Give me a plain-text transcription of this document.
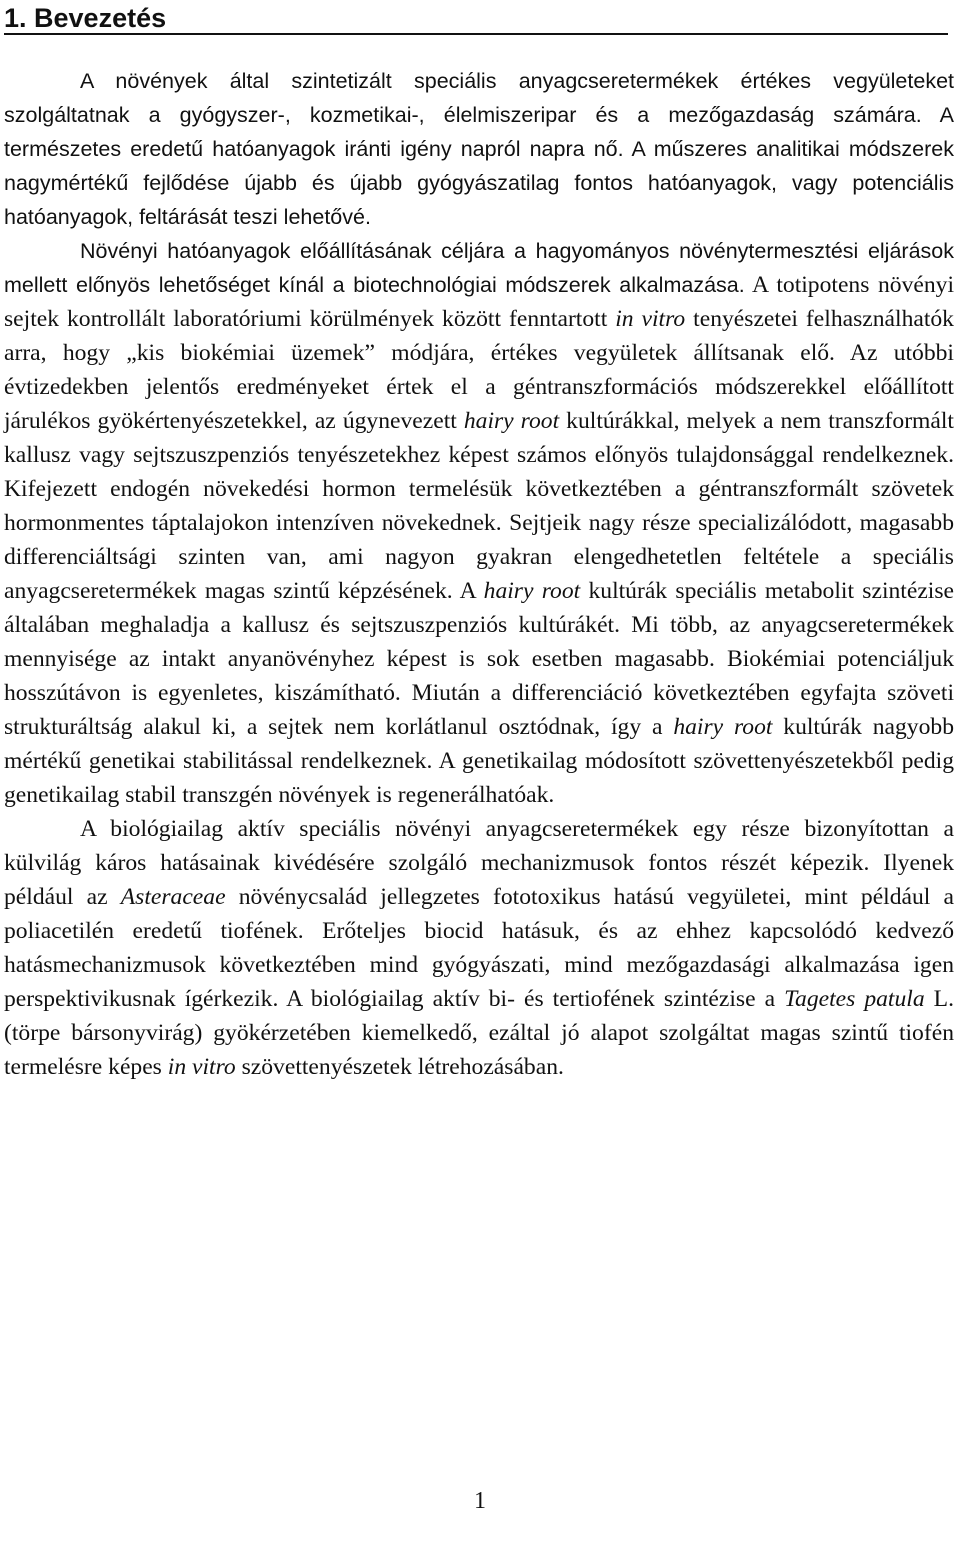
1. Bevezetés

A növények által szintetizált speciális anyagcseretermékek értékes vegyületeket szolgáltatnak a gyógyszer-, kozmetikai-, élelmiszeripar és a mezőgazdaság számára. A természetes eredetű hatóanyagok iránti igény napról napra nő. A műszeres analitikai módszerek nagymértékű fejlődése újabb és újabb gyógyászatilag fontos hatóanyagok, vagy potenciális hatóanyagok, feltárását teszi lehetővé.

Növényi hatóanyagok előállításának céljára a hagyományos növénytermesztési eljárások mellett előnyös lehetőséget kínál a biotechnológiai módszerek alkalmazása. A totipotens növényi sejtek kontrollált laboratóriumi körülmények között fenntartott in vitro tenyészetei felhasználhatók arra, hogy „kis biokémiai üzemek” módjára, értékes vegyületek állítsanak elő. Az utóbbi évtizedekben jelentős eredményeket értek el a géntranszformációs módszerekkel előállított járulékos gyökértenyészetekkel, az úgynevezett hairy root kultúrákkal, melyek a nem transzformált kallusz vagy sejtszuszpenziós tenyészetekhez képest számos előnyös tulajdonsággal rendelkeznek. Kifejezett endogén növekedési hormon termelésük következtében a géntranszformált szövetek hormonmentes táptalajokon intenzíven növekednek. Sejtjeik nagy része specializálódott, magasabb differenciáltsági szinten van, ami nagyon gyakran elengedhetetlen feltétele a speciális anyagcseretermékek magas szintű képzésének. A hairy root kultúrák speciális metabolit szintézise általában meghaladja a kallusz és sejtszuszpenziós kultúrákét. Mi több, az anyagcseretermékek mennyisége az intakt anyanövényhez képest is sok esetben magasabb. Biokémiai potenciáljuk hosszútávon is egyenletes, kiszámítható. Miután a differenciáció következtében egyfajta szöveti strukturáltság alakul ki, a sejtek nem korlátlanul osztódnak, így a hairy root kultúrák nagyobb mértékű genetikai stabilitással rendelkeznek. A genetikailag módosított szövettenyészetekből pedig genetikailag stabil transzgén növények is regenerálhatóak.

A biológiailag aktív speciális növényi anyagcseretermékek egy része bizonyítottan a külvilág káros hatásainak kivédésére szolgáló mechanizmusok fontos részét képezik. Ilyenek például az Asteraceae növénycsalád jellegzetes fototoxikus hatású vegyületei, mint például a poliacetilén eredetű tiofének. Erőteljes biocid hatásuk, és az ehhez kapcsolódó kedvező hatásmechanizmusok következtében mind gyógyászati, mind mezőgazdasági alkalmazása igen perspektivikusnak ígérkezik. A biológiailag aktív bi- és tertiofének szintézise a Tagetes patula L. (törpe bársonyvirág) gyökérzetében kiemelkedő, ezáltal jó alapot szolgáltat magas szintű tiofén termelésre képes in vitro szövettenyészetek létrehozásában.

1
